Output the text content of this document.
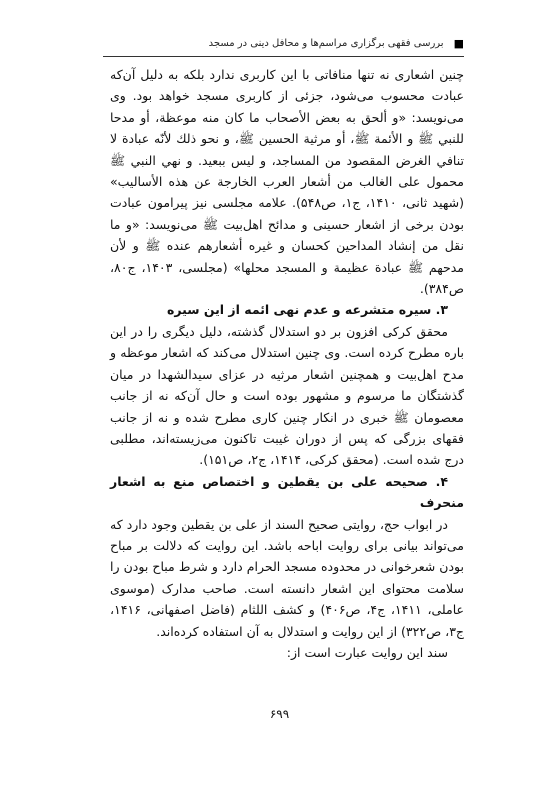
■
بررسی فقهی برگزاری مراسم‌ها و محافل دینی در مسجد

چنین اشعاری نه تنها منافاتی با این کاربری ندارد بلکه به دلیل آن‌که عبادت محسوب می‌شود، جزئی از کاربری مسجد خواهد بود. وی می‌نویسد: «و ألحق به بعض الأصحاب ما کان منه موعظة، أو مدحا للنبي ﷺ و الأئمة ﷺ، أو مرثیة الحسین ﷺ، و نحو ذلك لأنّه عبادة لا تنافي الغرض المقصود من المساجد، و لیس ببعید. و نهي النبي ﷺ محمول علی الغالب من أشعار العرب الخارجة عن هذه الأسالیب» (شهید ثانی، ۱۴۱۰، ج۱، ص۵۴۸). علامه مجلسی نیز پیرامون عبادت بودن برخی از اشعار حسینی و مدائح اهل‌بیت ﷺ می‌نویسد: «و ما نقل من إنشاد المداحین کحسان و غیره أشعارهم عنده ﷺ و لأن مدحهم ﷺ عبادة عظیمة و المسجد محلها» (مجلسی، ۱۴۰۳، ج۸۰، ص۳۸۴).

۳. سیره متشرعه و عدم نهی ائمه از این سیره

محقق کرکی افزون بر دو استدلال گذشته، دلیل دیگری را در این باره مطرح کرده است. وی چنین استدلال می‌کند که اشعار موعظه و مدح اهل‌بیت و همچنین اشعار مرثیه در عزای سیدالشهدا در میان گذشتگان ما مرسوم و مشهور بوده است و حال آن‌که نه از جانب معصومان ﷺ خبری در انکار چنین کاری مطرح شده و نه از جانب فقهای بزرگی که پس از دوران غیبت تاکنون می‌زیسته‌اند، مطلبی درج شده است. (محقق کرکی، ۱۴۱۴، ج۲، ص۱۵۱).

۴. صحیحه علی بن یقطین و اختصاص منع به اشعار منحرف

در ابواب حج، روایتی صحیح السند از علی بن یقطین وجود دارد که می‌تواند بیانی برای روایت اباحه باشد. این روایت که دلالت بر مباح بودن شعرخوانی در محدوده مسجد الحرام دارد و شرط مباح بودن را سلامت محتوای این اشعار دانسته است. صاحب مدارک (موسوی عاملی، ۱۴۱۱، ج۴، ص۴۰۶) و کشف اللثام (فاضل اصفهانی، ۱۴۱۶، ج۳، ص۳۲۲) از این روایت و استدلال به آن استفاده کرده‌اند.

سند این روایت عبارت است از:

۶۹۹
